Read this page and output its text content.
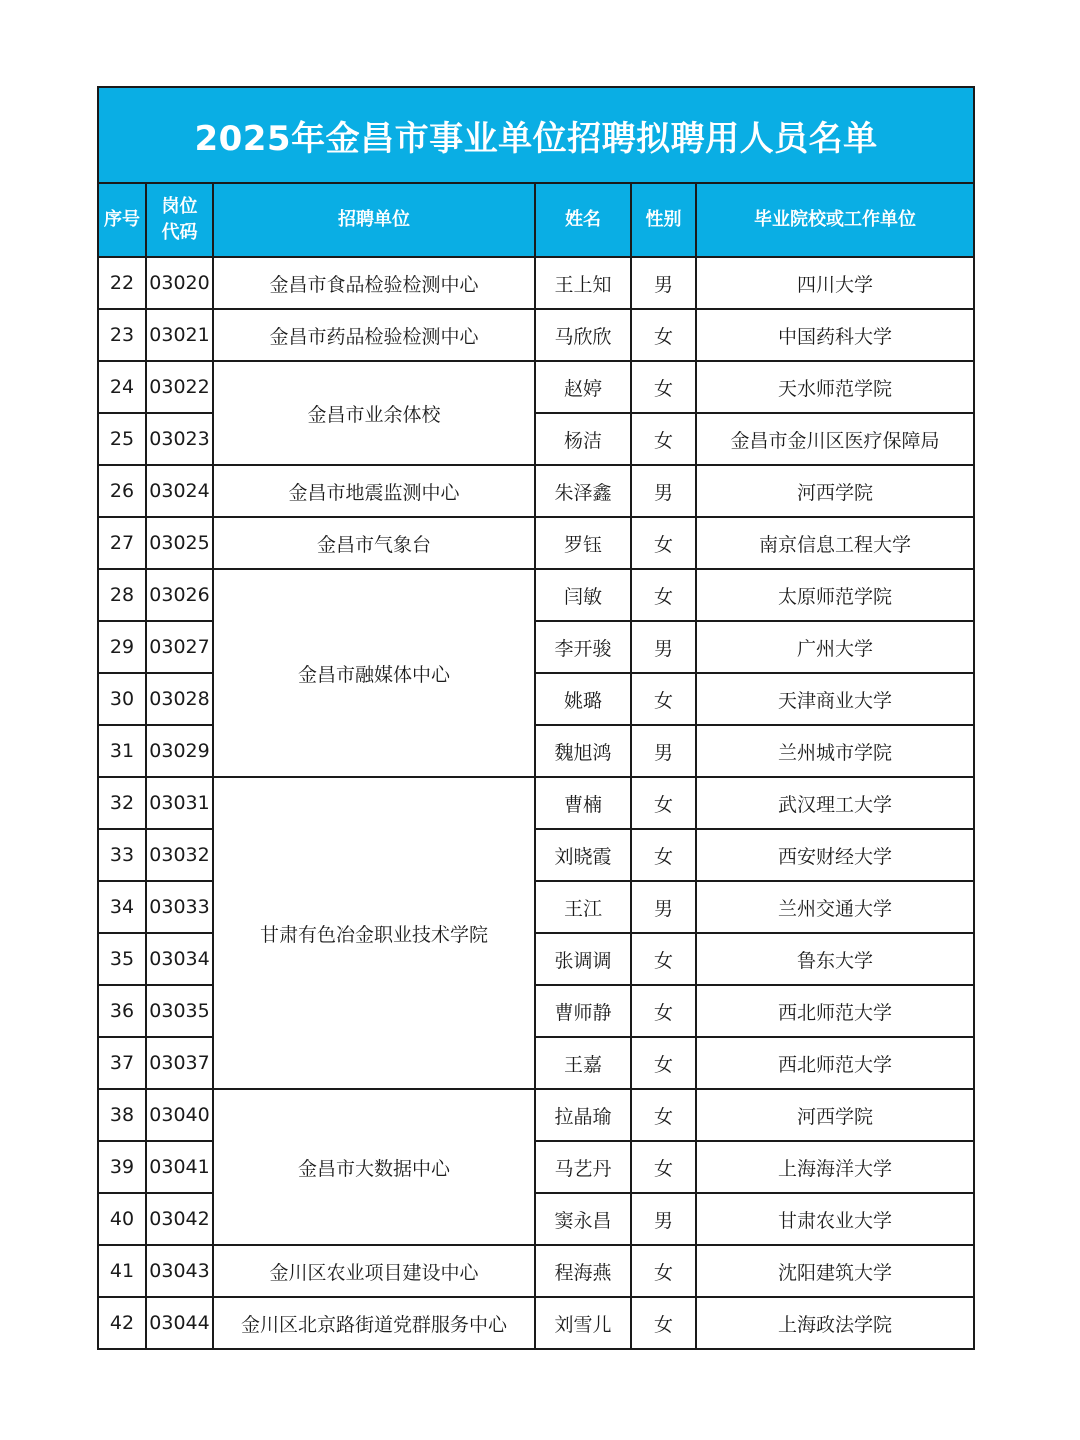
2025年金昌市事业单位招聘拟聘用人员名单					
序号	岗位代码	招聘单位	姓名	性别	毕业院校或工作单位
22	03020	金昌市食品检验检测中心	王上知	男	四川大学
23	03021	金昌市药品检验检测中心	马欣欣	女	中国药科大学
24	03022	金昌市业余体校	赵婷	女	天水师范学院
25	03023		杨洁	女	金昌市金川区医疗保障局
26	03024	金昌市地震监测中心	朱泽鑫	男	河西学院
27	03025	金昌市气象台	罗钰	女	南京信息工程大学
28	03026	金昌市融媒体中心	闫敏	女	太原师范学院
29	03027		李开骏	男	广州大学
30	03028		姚璐	女	天津商业大学
31	03029		魏旭鸿	男	兰州城市学院
32	03031	甘肃有色冶金职业技术学院	曹楠	女	武汉理工大学
33	03032		刘晓霞	女	西安财经大学
34	03033		王江	男	兰州交通大学
35	03034		张调调	女	鲁东大学
36	03035		曹师静	女	西北师范大学
37	03037		王嘉	女	西北师范大学
38	03040	金昌市大数据中心	拉晶瑜	女	河西学院
39	03041		马艺丹	女	上海海洋大学
40	03042		窦永昌	男	甘肃农业大学
41	03043	金川区农业项目建设中心	程海燕	女	沈阳建筑大学
42	03044	金川区北京路街道党群服务中心	刘雪儿	女	上海政法学院
